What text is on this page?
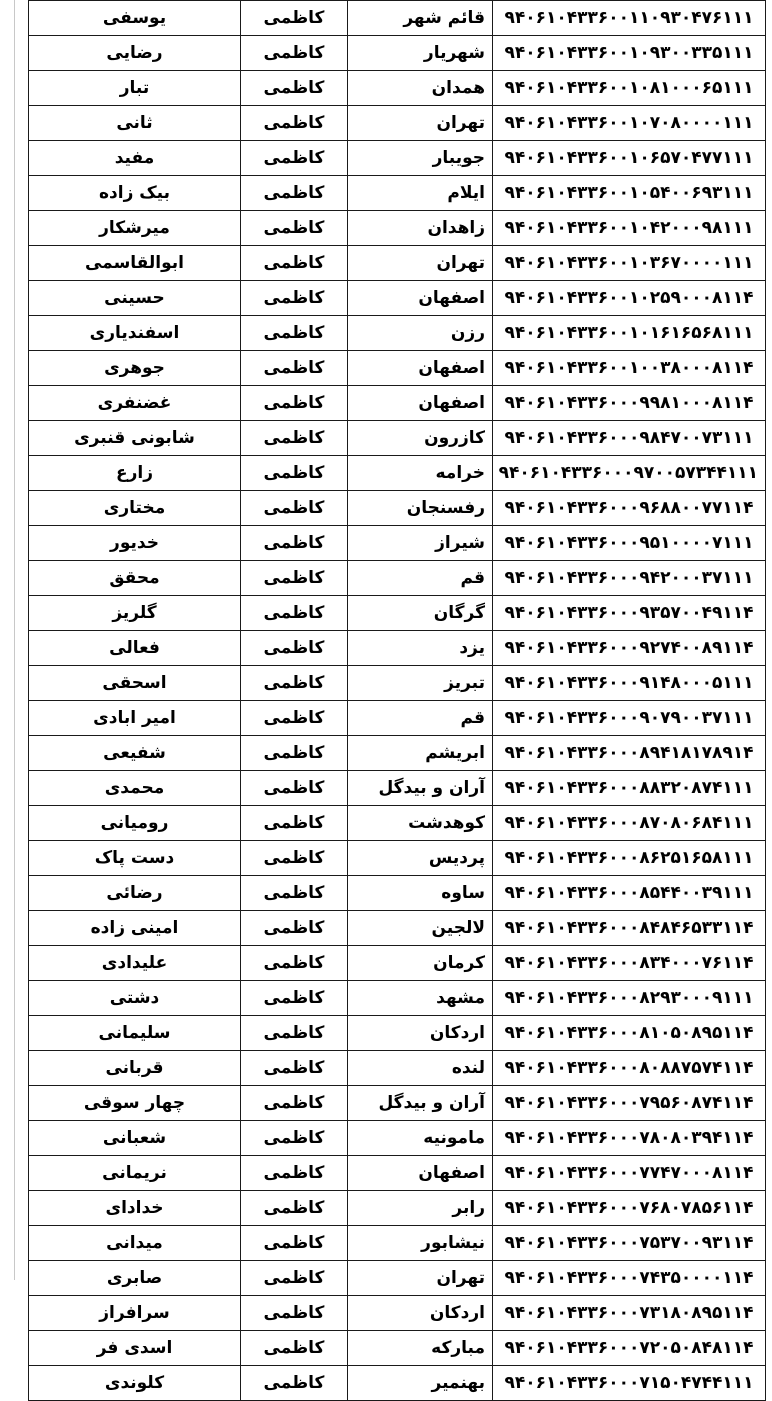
۹۴۰۶۱۰۴۳۳۶۰۰۱۱۰۹۳۰۴۷۶۱۱۱	قائم شهر	کاظمی	یوسفی
۹۴۰۶۱۰۴۳۳۶۰۰۱۰۹۳۰۰۳۳۵۱۱۱	شهریار	کاظمی	رضایی
۹۴۰۶۱۰۴۳۳۶۰۰۱۰۸۱۰۰۰۶۵۱۱۱	همدان	کاظمی	تبار
۹۴۰۶۱۰۴۳۳۶۰۰۱۰۷۰۸۰۰۰۰۱۱۱	تهران	کاظمی	ثانی
۹۴۰۶۱۰۴۳۳۶۰۰۱۰۶۵۷۰۴۷۷۱۱۱	جویبار	کاظمی	مفید
۹۴۰۶۱۰۴۳۳۶۰۰۱۰۵۴۰۰۶۹۳۱۱۱	ایلام	کاظمی	بیک زاده
۹۴۰۶۱۰۴۳۳۶۰۰۱۰۴۲۰۰۰۹۸۱۱۱	زاهدان	کاظمی	میرشکار
۹۴۰۶۱۰۴۳۳۶۰۰۱۰۳۶۷۰۰۰۰۱۱۱	تهران	کاظمی	ابوالقاسمی
۹۴۰۶۱۰۴۳۳۶۰۰۱۰۲۵۹۰۰۰۸۱۱۴	اصفهان	کاظمی	حسینی
۹۴۰۶۱۰۴۳۳۶۰۰۱۰۱۶۱۶۵۶۸۱۱۱	رزن	کاظمی	اسفندیاری
۹۴۰۶۱۰۴۳۳۶۰۰۱۰۰۳۸۰۰۰۸۱۱۴	اصفهان	کاظمی	جوهری
۹۴۰۶۱۰۴۳۳۶۰۰۰۹۹۸۱۰۰۰۸۱۱۴	اصفهان	کاظمی	غضنفری
۹۴۰۶۱۰۴۳۳۶۰۰۰۹۸۴۷۰۰۷۳۱۱۱	کازرون	کاظمی	شابونی قنبری
۹۴۰۶۱۰۴۳۳۶۰۰۰۹۷۰۰۵۷۳۴۴۱۱۱	خرامه	کاظمی	زارع
۹۴۰۶۱۰۴۳۳۶۰۰۰۹۶۸۸۰۰۷۷۱۱۴	رفسنجان	کاظمی	مختاری
۹۴۰۶۱۰۴۳۳۶۰۰۰۹۵۱۰۰۰۰۷۱۱۱	شیراز	کاظمی	خدیور
۹۴۰۶۱۰۴۳۳۶۰۰۰۹۴۲۰۰۰۳۷۱۱۱	قم	کاظمی	محقق
۹۴۰۶۱۰۴۳۳۶۰۰۰۹۳۵۷۰۰۴۹۱۱۴	گرگان	کاظمی	گلریز
۹۴۰۶۱۰۴۳۳۶۰۰۰۹۲۷۴۰۰۸۹۱۱۴	یزد	کاظمی	فعالی
۹۴۰۶۱۰۴۳۳۶۰۰۰۹۱۴۸۰۰۰۵۱۱۱	تبریز	کاظمی	اسحقی
۹۴۰۶۱۰۴۳۳۶۰۰۰۹۰۷۹۰۰۳۷۱۱۱	قم	کاظمی	امیر ابادی
۹۴۰۶۱۰۴۳۳۶۰۰۰۸۹۴۱۸۱۷۸۹۱۴	ابریشم	کاظمی	شفیعی
۹۴۰۶۱۰۴۳۳۶۰۰۰۸۸۳۲۰۸۷۴۱۱۱	آران و بیدگل	کاظمی	محمدی
۹۴۰۶۱۰۴۳۳۶۰۰۰۸۷۰۸۰۶۸۴۱۱۱	کوهدشت	کاظمی	رومیانی
۹۴۰۶۱۰۴۳۳۶۰۰۰۸۶۲۵۱۶۵۸۱۱۱	پردیس	کاظمی	دست پاک
۹۴۰۶۱۰۴۳۳۶۰۰۰۸۵۴۴۰۰۳۹۱۱۱	ساوه	کاظمی	رضائی
۹۴۰۶۱۰۴۳۳۶۰۰۰۸۴۸۴۶۵۳۳۱۱۴	لالجین	کاظمی	امینی زاده
۹۴۰۶۱۰۴۳۳۶۰۰۰۸۳۴۰۰۰۷۶۱۱۴	کرمان	کاظمی	علیدادی
۹۴۰۶۱۰۴۳۳۶۰۰۰۸۲۹۳۰۰۰۹۱۱۱	مشهد	کاظمی	دشتی
۹۴۰۶۱۰۴۳۳۶۰۰۰۸۱۰۵۰۸۹۵۱۱۴	اردکان	کاظمی	سلیمانی
۹۴۰۶۱۰۴۳۳۶۰۰۰۸۰۸۸۷۵۷۴۱۱۴	لنده	کاظمی	قربانی
۹۴۰۶۱۰۴۳۳۶۰۰۰۷۹۵۶۰۸۷۴۱۱۴	آران و بیدگل	کاظمی	چهار سوقی
۹۴۰۶۱۰۴۳۳۶۰۰۰۷۸۰۸۰۳۹۴۱۱۴	مامونیه	کاظمی	شعبانی
۹۴۰۶۱۰۴۳۳۶۰۰۰۷۷۴۷۰۰۰۸۱۱۴	اصفهان	کاظمی	نریمانی
۹۴۰۶۱۰۴۳۳۶۰۰۰۷۶۸۰۷۸۵۶۱۱۴	رابر	کاظمی	خدادای
۹۴۰۶۱۰۴۳۳۶۰۰۰۷۵۳۷۰۰۹۳۱۱۴	نیشابور	کاظمی	میدانی
۹۴۰۶۱۰۴۳۳۶۰۰۰۷۴۳۵۰۰۰۰۱۱۴	تهران	کاظمی	صابری
۹۴۰۶۱۰۴۳۳۶۰۰۰۷۳۱۸۰۸۹۵۱۱۴	اردکان	کاظمی	سرافراز
۹۴۰۶۱۰۴۳۳۶۰۰۰۷۲۰۵۰۸۴۸۱۱۴	مبارکه	کاظمی	اسدی فر
۹۴۰۶۱۰۴۳۳۶۰۰۰۷۱۵۰۴۷۴۴۱۱۱	بهنمیر	کاظمی	کلوندی
